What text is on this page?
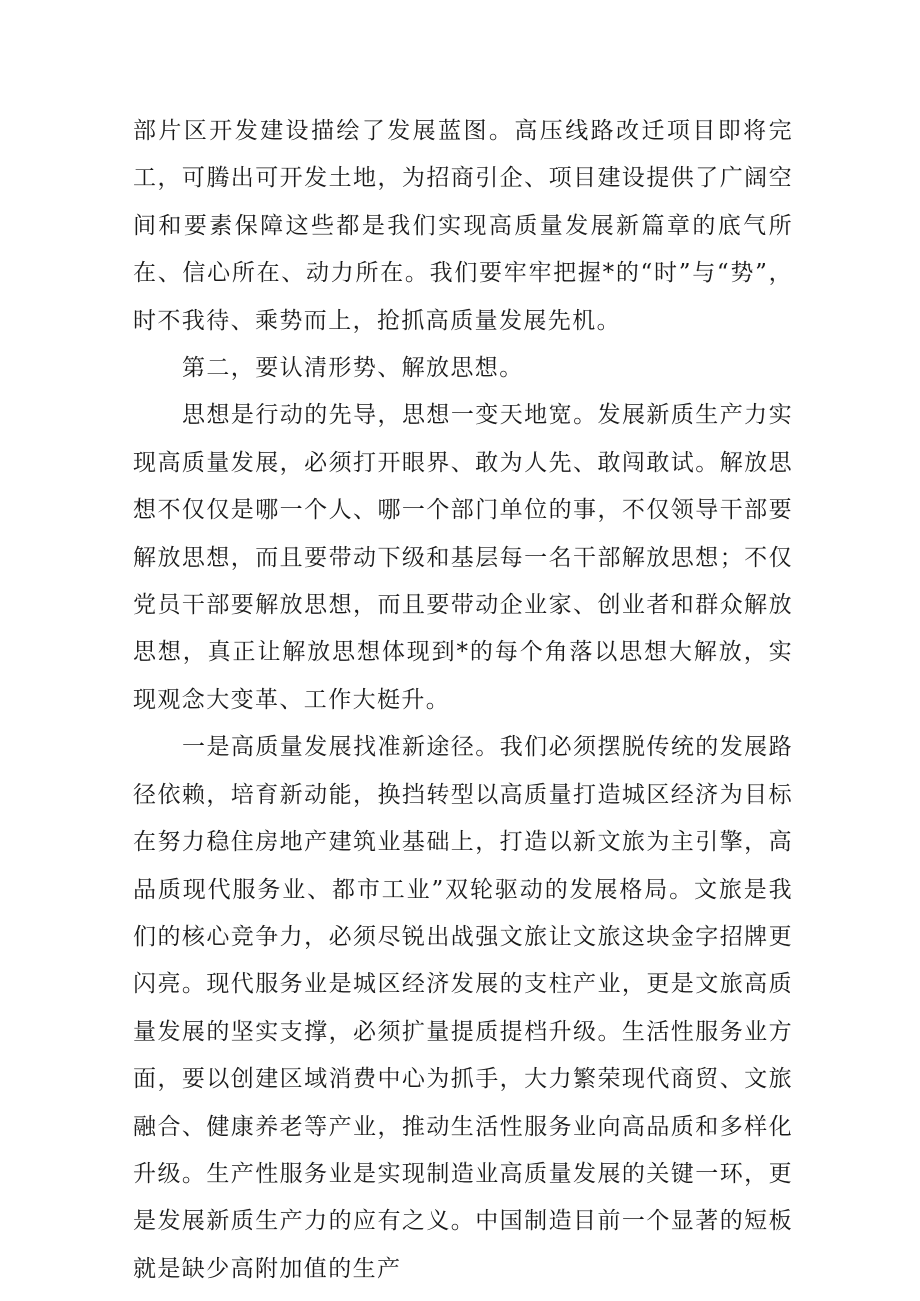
部片区开发建设描绘了发展蓝图。高压线路改迁项目即将完工，可腾出可开发土地，为招商引企、项目建设提供了广阔空间和要素保障这些都是我们实现高质量发展新篇章的底气所在、信心所在、动力所在。我们要牢牢把握*的“时”与“势”，时不我待、乘势而上，抢抓高质量发展先机。

第二，要认清形势、解放思想。

思想是行动的先导，思想一变天地宽。发展新质生产力实现高质量发展，必须打开眼界、敢为人先、敢闯敢试。解放思想不仅仅是哪一个人、哪一个部门单位的事，不仅领导干部要解放思想，而且要带动下级和基层每一名干部解放思想；不仅党员干部要解放思想，而且要带动企业家、创业者和群众解放思想，真正让解放思想体现到*的每个角落以思想大解放，实现观念大变革、工作大梃升。

一是高质量发展找准新途径。我们必须摆脱传统的发展路径依赖，培育新动能，换挡转型以高质量打造城区经济为目标在努力稳住房地产建筑业基础上，打造以新文旅为主引擎，高品质现代服务业、都市工业”双轮驱动的发展格局。文旅是我们的核心竞争力，必须尽锐出战强文旅让文旅这块金字招牌更闪亮。现代服务业是城区经济发展的支柱产业，更是文旅高质量发展的坚实支撑，必须扩量提质提档升级。生活性服务业方面，要以创建区域消费中心为抓手，大力繁荣现代商贸、文旅融合、健康养老等产业，推动生活性服务业向高品质和多样化升级。生产性服务业是实现制造业高质量发展的关键一环，更是发展新质生产力的应有之义。中国制造目前一个显著的短板就是缺少高附加值的生产
